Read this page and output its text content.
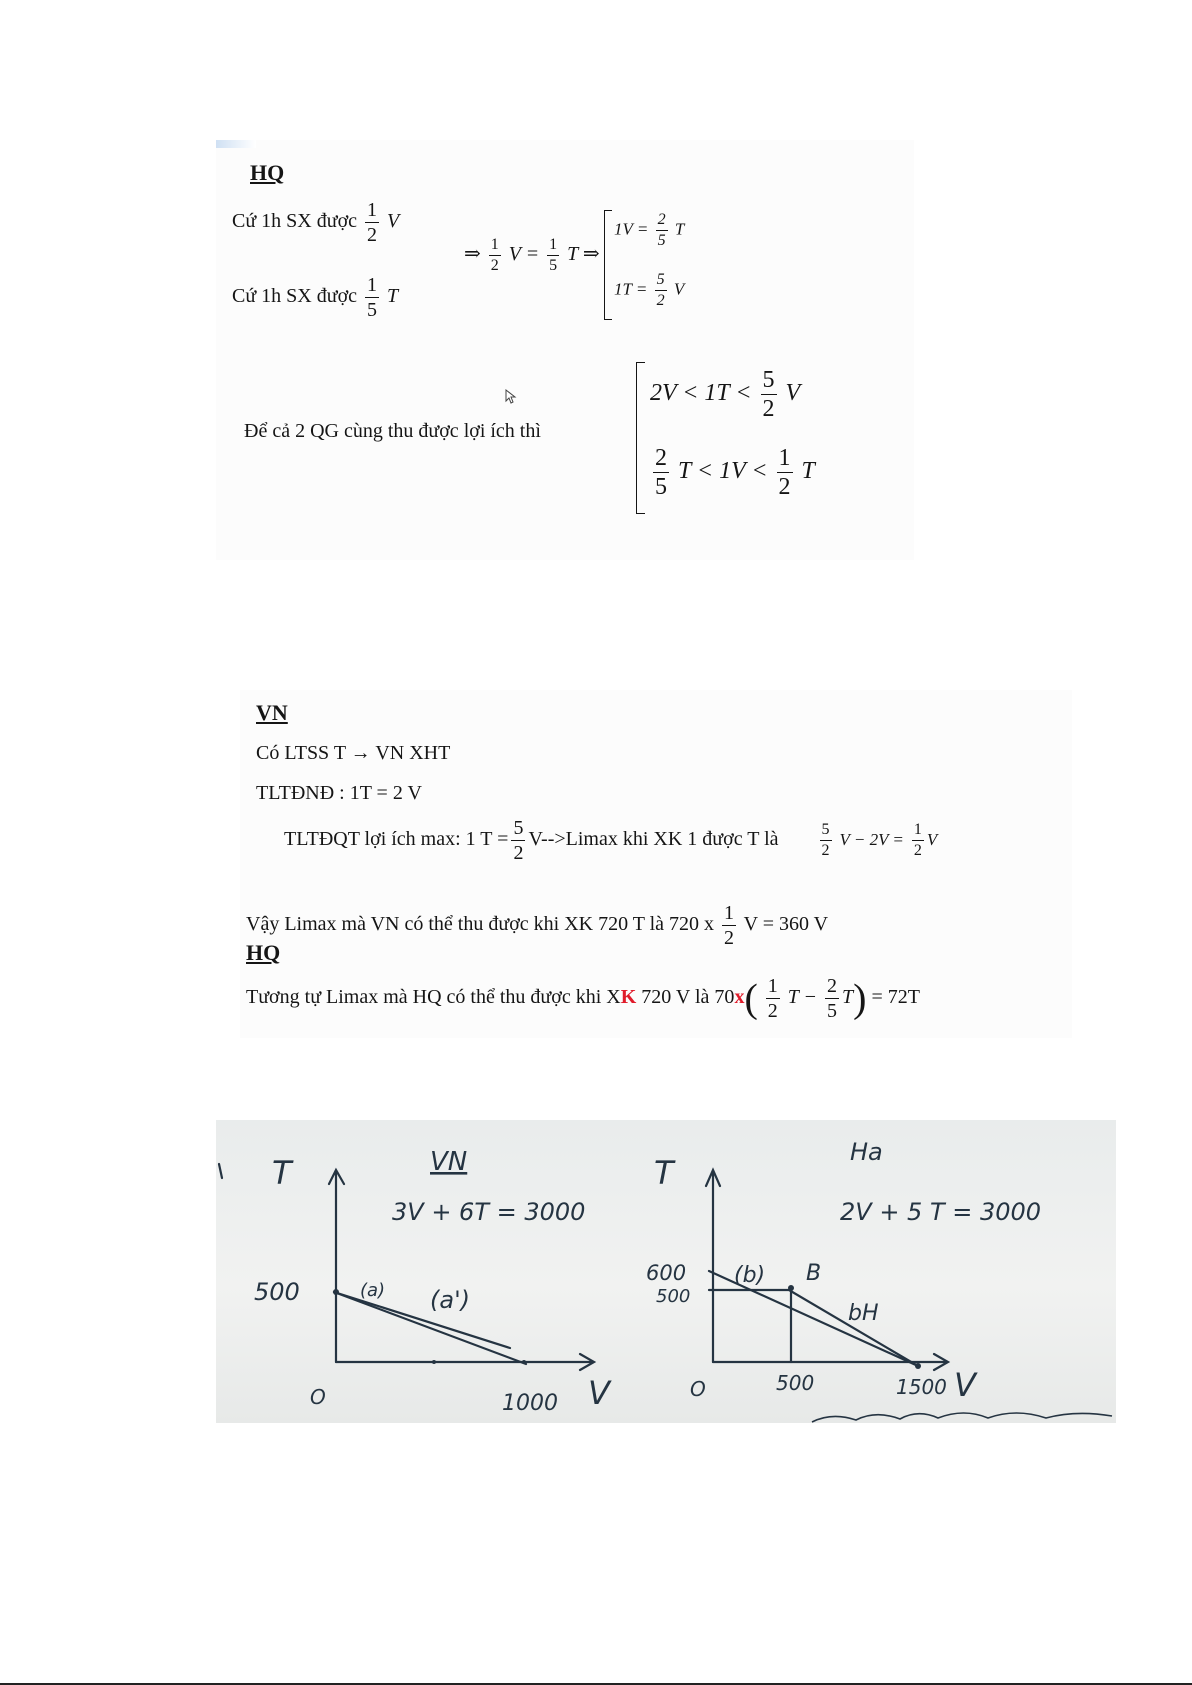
HQ
Cứ 1h SX được $\frac{1}{2}$ V
Cứ 1h SX được $\frac{1}{5}$ T
⇒ $\frac{1}{2}$ $V = \frac{1}{5}$ T ⇒
$1V = \frac{2}{5}$ T
$1T = \frac{5}{2}$ V
Để cả 2 QG cùng thu được lợi ích thì
$2V < 1T < \frac{5}{2}$ V
$\frac{2}{5}$ $T < 1V < \frac{1}{2}$ T
VN
Có LTSS T → VN XHT
TLTĐNĐ : 1T = 2 V
TLTĐQT lợi ích max: 1 $T = \frac{5}{2} V-->Limax$ khi XK 1 được T là	$\frac{5}{2}$ $V - 2V = \frac{1}{2}$ V
Vậy Limax mà VN có thể thu được khi XK 720 T là 720 x $\frac{1}{2}$ V = 360 V
HQ
Tương tự Limax mà HQ có thể thu được khi XK 720 V là $70x( \frac{1}{2}$ $T - \frac{2}{5} T) = 72T$
T	VN
3V + 6T = 3000
500	(a) (a')
O	1000 V
T
Ha
2V + 5 T = 3000
600
500
(b) B
bH
O	500	1500 V
